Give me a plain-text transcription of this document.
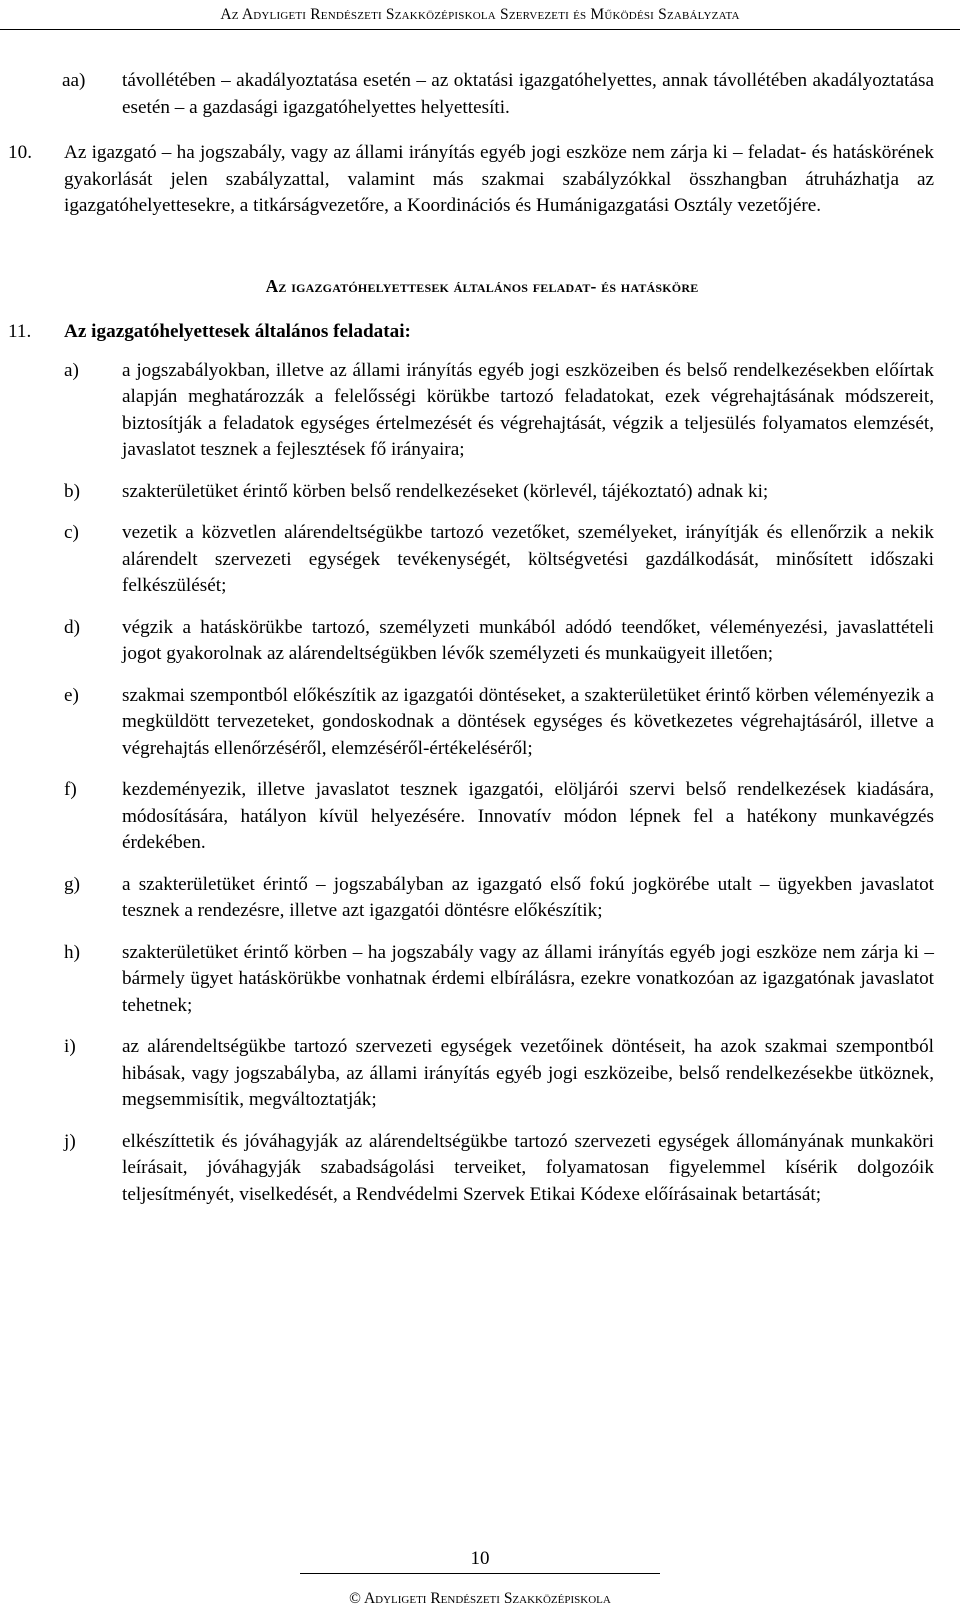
Az Adyligeti Rendészeti Szakközépiskola Szervezeti és Működési Szabályzata
aa) távollétében – akadályoztatása esetén – az oktatási igazgatóhelyettes, annak távollétében akadályoztatása esetén – a gazdasági igazgatóhelyettes helyettesíti.
10. Az igazgató – ha jogszabály, vagy az állami irányítás egyéb jogi eszköze nem zárja ki – feladat- és hatáskörének gyakorlását jelen szabályzattal, valamint más szakmai szabályzókkal összhangban átruházhatja az igazgatóhelyettesekre, a titkárságvezetőre, a Koordinációs és Humánigazgatási Osztály vezetőjére.
Az igazgatóhelyettesek általános feladat- és hatásköre
11. Az igazgatóhelyettesek általános feladatai:
a) a jogszabályokban, illetve az állami irányítás egyéb jogi eszközeiben és belső rendelkezésekben előírtak alapján meghatározzák a felelősségi körükbe tartozó feladatokat, ezek végrehajtásának módszereit, biztosítják a feladatok egységes értelmezését és végrehajtását, végzik a teljesülés folyamatos elemzését, javaslatot tesznek a fejlesztések fő irányaira;
b) szakterületüket érintő körben belső rendelkezéseket (körlevél, tájékoztató) adnak ki;
c) vezetik a közvetlen alárendeltségükbe tartozó vezetőket, személyeket, irányítják és ellenőrzik a nekik alárendelt szervezeti egységek tevékenységét, költségvetési gazdálkodását, minősített időszaki felkészülését;
d) végzik a hatáskörükbe tartozó, személyzeti munkából adódó teendőket, véleményezési, javaslattételi jogot gyakorolnak az alárendeltségükben lévők személyzeti és munkaügyeit illetően;
e) szakmai szempontból előkészítik az igazgatói döntéseket, a szakterületüket érintő körben véleményezik a megküldött tervezeteket, gondoskodnak a döntések egységes és következetes végrehajtásáról, illetve a végrehajtás ellenőrzéséről, elemzéséről-értékeléséről;
f) kezdeményezik, illetve javaslatot tesznek igazgatói, elöljárói szervi belső rendelkezések kiadására, módosítására, hatályon kívül helyezésére. Innovatív módon lépnek fel a hatékony munkavégzés érdekében.
g) a szakterületüket érintő – jogszabályban az igazgató első fokú jogkörébe utalt – ügyekben javaslatot tesznek a rendezésre, illetve azt igazgatói döntésre előkészítik;
h) szakterületüket érintő körben – ha jogszabály vagy az állami irányítás egyéb jogi eszköze nem zárja ki – bármely ügyet hatáskörükbe vonhatnak érdemi elbírálásra, ezekre vonatkozóan az igazgatónak javaslatot tehetnek;
i) az alárendeltségükbe tartozó szervezeti egységek vezetőinek döntéseit, ha azok szakmai szempontból hibásak, vagy jogszabályba, az állami irányítás egyéb jogi eszközeibe, belső rendelkezésekbe ütköznek, megsemmisítik, megváltoztatják;
j) elkészíttetik és jóváhagyják az alárendeltségükbe tartozó szervezeti egységek állományának munkaköri leírásait, jóváhagyják szabadságolási terveiket, folyamatosan figyelemmel kísérik dolgozóik teljesítményét, viselkedését, a Rendvédelmi Szervek Etikai Kódexe előírásainak betartását;
10
© Adyligeti Rendészeti Szakközépiskola
